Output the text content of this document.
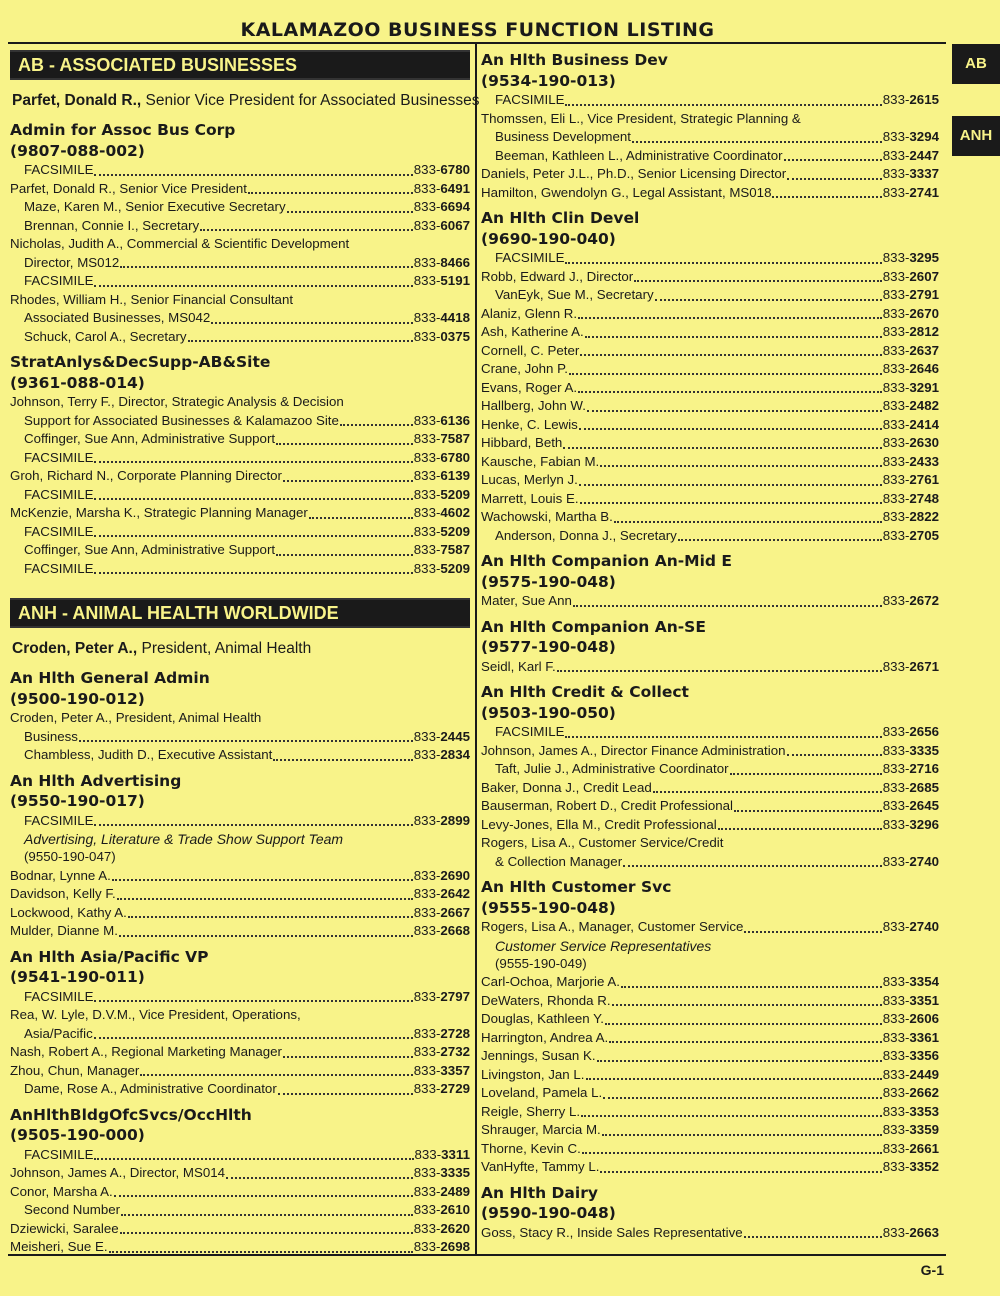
KALAMAZOO BUSINESS FUNCTION LISTING
AB - ASSOCIATED BUSINESSES
Parfet, Donald R., Senior Vice President for Associated Businesses
Admin for Assoc Bus Corp
(9807-088-002)
FACSIMILE	833-6780
Parfet, Donald R., Senior Vice President	833-6491
Maze, Karen M., Senior Executive Secretary	833-6694
Brennan, Connie I., Secretary	833-6067
Nicholas, Judith A., Commercial & Scientific Development
Director, MS012	833-8466
FACSIMILE	833-5191
Rhodes, William H., Senior Financial Consultant
Associated Businesses, MS042	833-4418
Schuck, Carol A., Secretary	833-0375
StratAnlys&DecSupp-AB&Site
(9361-088-014)
Johnson, Terry F., Director, Strategic Analysis & Decision
Support for Associated Businesses & Kalamazoo Site	833-6136
Coffinger, Sue Ann, Administrative Support	833-7587
FACSIMILE	833-6780
Groh, Richard N., Corporate Planning Director	833-6139
FACSIMILE	833-5209
McKenzie, Marsha K., Strategic Planning Manager	833-4602
FACSIMILE	833-5209
Coffinger, Sue Ann, Administrative Support	833-7587
FACSIMILE	833-5209
ANH - ANIMAL HEALTH WORLDWIDE
Croden, Peter A., President, Animal Health
An Hlth General Admin
(9500-190-012)
Croden, Peter A., President, Animal Health
Business	833-2445
Chambless, Judith D., Executive Assistant	833-2834
An Hlth Advertising
(9550-190-017)
FACSIMILE	833-2899
Advertising, Literature & Trade Show Support Team
(9550-190-047)
Bodnar, Lynne A.	833-2690
Davidson, Kelly F.	833-2642
Lockwood, Kathy A.	833-2667
Mulder, Dianne M.	833-2668
An Hlth Asia/Pacific VP
(9541-190-011)
FACSIMILE	833-2797
Rea, W. Lyle, D.V.M., Vice President, Operations,
Asia/Pacific	833-2728
Nash, Robert A., Regional Marketing Manager	833-2732
Zhou, Chun, Manager	833-3357
Dame, Rose A., Administrative Coordinator	833-2729
AnHlthBldgOfcSvcs/OccHlth
(9505-190-000)
FACSIMILE	833-3311
Johnson, James A., Director, MS014	833-3335
Conor, Marsha A.	833-2489
Second Number	833-2610
Dziewicki, Saralee	833-2620
Meisheri, Sue E.	833-2698
An Hlth Business Dev
(9534-190-013)
FACSIMILE	833-2615
Thomssen, Eli L., Vice President, Strategic Planning &
Business Development	833-3294
Beeman, Kathleen L., Administrative Coordinator	833-2447
Daniels, Peter J.L., Ph.D., Senior Licensing Director	833-3337
Hamilton, Gwendolyn G., Legal Assistant, MS018	833-2741
An Hlth Clin Devel
(9690-190-040)
FACSIMILE	833-3295
Robb, Edward J., Director	833-2607
VanEyk, Sue M., Secretary	833-2791
Alaniz, Glenn R.	833-2670
Ash, Katherine A.	833-2812
Cornell, C. Peter	833-2637
Crane, John P.	833-2646
Evans, Roger A.	833-3291
Hallberg, John W.	833-2482
Henke, C. Lewis	833-2414
Hibbard, Beth	833-2630
Kausche, Fabian M.	833-2433
Lucas, Merlyn J.	833-2761
Marrett, Louis E.	833-2748
Wachowski, Martha B.	833-2822
Anderson, Donna J., Secretary	833-2705
An Hlth Companion An-Mid E
(9575-190-048)
Mater, Sue Ann	833-2672
An Hlth Companion An-SE
(9577-190-048)
Seidl, Karl F.	833-2671
An Hlth Credit & Collect
(9503-190-050)
FACSIMILE	833-2656
Johnson, James A., Director Finance Administration	833-3335
Taft, Julie J., Administrative Coordinator	833-2716
Baker, Donna J., Credit Lead	833-2685
Bauserman, Robert D., Credit Professional	833-2645
Levy-Jones, Ella M., Credit Professional	833-3296
Rogers, Lisa A., Customer Service/Credit
& Collection Manager	833-2740
An Hlth Customer Svc
(9555-190-048)
Rogers, Lisa A., Manager, Customer Service	833-2740
Customer Service Representatives
(9555-190-049)
Carl-Ochoa, Marjorie A.	833-3354
DeWaters, Rhonda R.	833-3351
Douglas, Kathleen Y.	833-2606
Harrington, Andrea A.	833-3361
Jennings, Susan K.	833-3356
Livingston, Jan L.	833-2449
Loveland, Pamela L.	833-2662
Reigle, Sherry L.	833-3353
Shrauger, Marcia M.	833-3359
Thorne, Kevin C.	833-2661
VanHyfte, Tammy L.	833-3352
An Hlth Dairy
(9590-190-048)
Goss, Stacy R., Inside Sales Representative	833-2663
AB
ANH
G-1
